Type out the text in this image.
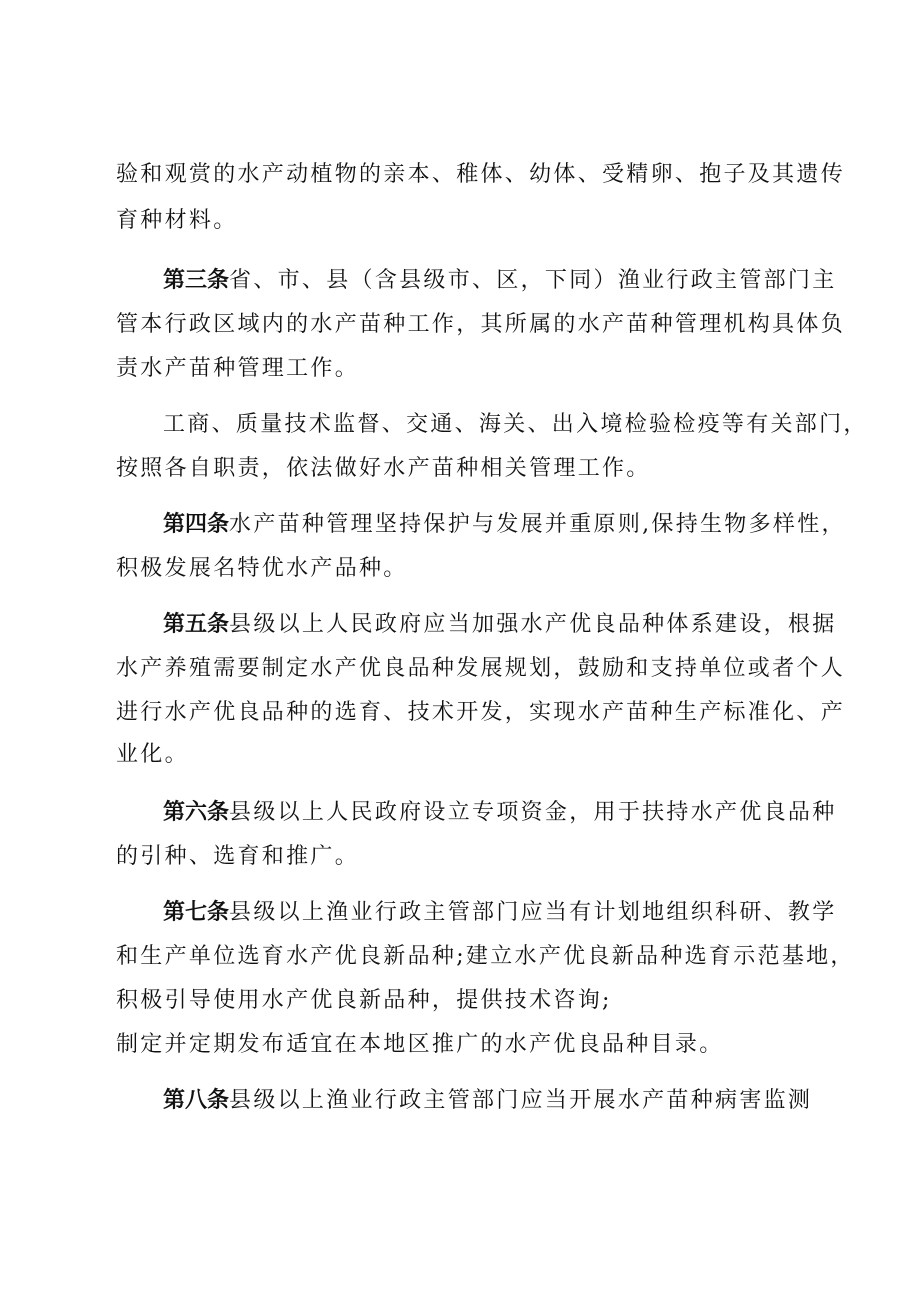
验和观赏的水产动植物的亲本、稚体、幼体、受精卵、抱子及其遗传
育种材料。
第三条省、市、县（含县级市、区，下同）渔业行政主管部门主
管本行政区域内的水产苗种工作，其所属的水产苗种管理机构具体负
责水产苗种管理工作。
工商、质量技术监督、交通、海关、出入境检验检疫等有关部门，
按照各自职责，依法做好水产苗种相关管理工作。
第四条水产苗种管理坚持保护与发展并重原则,保持生物多样性，
积极发展名特优水产品种。
第五条县级以上人民政府应当加强水产优良品种体系建设，根据
水产养殖需要制定水产优良品种发展规划，鼓励和支持单位或者个人
进行水产优良品种的选育、技术开发，实现水产苗种生产标准化、产
业化。
第六条县级以上人民政府设立专项资金，用于扶持水产优良品种
的引种、选育和推广。
第七条县级以上渔业行政主管部门应当有计划地组织科研、教学
和生产单位选育水产优良新品种;建立水产优良新品种选育示范基地，
积极引导使用水产优良新品种，提供技术咨询;
制定并定期发布适宜在本地区推广的水产优良品种目录。
第八条县级以上渔业行政主管部门应当开展水产苗种病害监测
